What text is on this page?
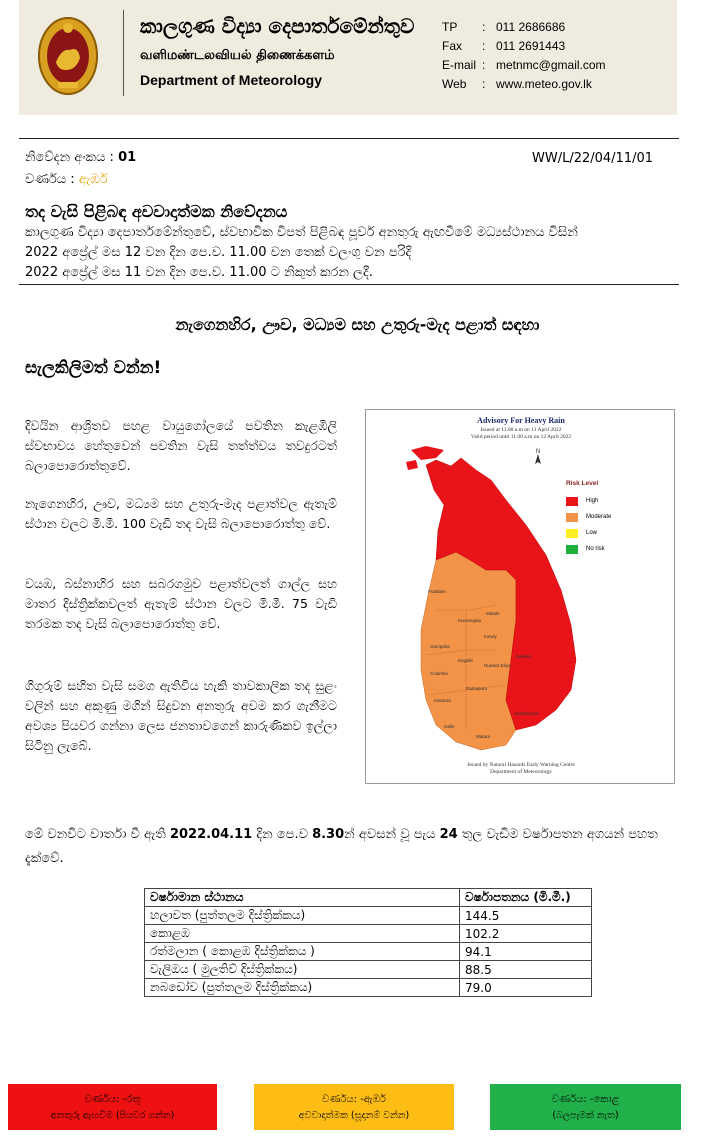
කාලගුණ විද්‍යා දෙපාර්තමේන්තුව
வளிமண்டலவியல் திணைக்களம்
Department of Meteorology
TP	: 011 2686686
Fax	: 011 2691443
E-mail : metnmc@gmail.com
Web	: www.meteo.gov.lk
නිවේදන අංකය : 01	WW/L/22/04/11/01
වර්ණය : ඇඹර්
තද වැසි පිළිබඳ අවවාදාත්මක නිවේදනය
කාලගුණ විද්‍යා දෙපාර්තමේන්තුවේ, ස්වභාවික විපත් පිළිබඳ පූර්ව අනතුරු ඇඟවීමේ මධ්‍යස්ථානය විසින්
2022 අප්‍රේල් මස 12 වන දින පෙ.ව. 11.00 වන තෙක් වලංගු වන පරිදි
2022 අප්‍රේල් මස 11 වන දින පෙ.ව. 11.00 ට නිකුත් කරන ලදී.
නැගෙනහිර, ඌව, මධ්‍යම සහ උතුරු-මැද පළාත් සඳහා
සැලකිලිමත් වන්න!
දිවයින ආශ්‍රිතව පහළ වායුගෝලයේ පවතින කැළඹිලි ස්වභාවය හේතුවෙන් පවතින වැසි තත්ත්වය තවදුරටත් බලාපොරොත්තුවේ.
නැගෙනහිර, ඌව, මධ්‍යම සහ උතුරු-මැද පළාත්වල ඇතැම් ස්ථාන වලට මි.මී. 100 වැඩි තද වැසි බලාපොරොත්තු වේ.
වයඹ, බස්නාහිර සහ සබරගමුව පළාත්වලත් ගාල්ල සහ මාතර දිස්ත්‍රික්කවලත් ඇතැම් ස්ථාන වලට මි.මී. 75 වැඩි තරමක තද වැසි බලාපොරොත්තු වේ.
ගිගුරුම් සහිත වැසි සමග ඇතිවිය හැකි තාවකාලික තද සුළං වලින් සහ අකුණු මගින් සිදුවන අනතුරු අවම කර ගැනීමට අවශ්‍ය පියවර ගන්නා ලෙස ජනතාවගෙන් කාරුණිකව ඉල්ලා සිටිනු ලැබේ.
Advisory For Heavy Rain
Issued at 11.00 a.m on 11 April 2022
Valid period until 11.00 a.m on 12 April 2022
N
Puttalam
Kurunegala
Matale
Kandy
Gampaha
Colombo
Kegalle
Nuwara Eliya
Badulla
Ratnapura
Kalutara
Galle
Matara
Hambantota
Risk Level
High
Moderate
Low
No risk
Issued by Natural Hazards Early Warning Centre
Department of Meteorology
මේ වනවිට වාර්තා වී ඇති 2022.04.11 දින පෙ.ව 8.30න් අවසන් වූ පැය 24 තුල වැඩිම වර්ෂාපතන අගයන් පහත දැක්වේ.
වර්ෂාමාන ස්ථානය	වර්ෂාපතනය (මි.මී.)
හලාවත (පුත්තලම දිස්ත්‍රික්කය)	144.5
කොළඹ	102.2
රත්මලාන ( කොළඹ දිස්ත්‍රික්කය )	94.1
වැලිඔය ( මුලතිව් දිස්ත්‍රික්කය)	88.5
නබඩෝව (පුත්තලම දිස්ත්‍රික්කය)	79.0
වර්ණය: -රතු
අනතුරු ඇඟවීම (පියවර ගන්න)
වර්ණය: -ඇඹර්
අවවාදාත්මක (සූදානම් වන්න)
වර්ණය: -කොළ
(බලපෑමක් නැත)
